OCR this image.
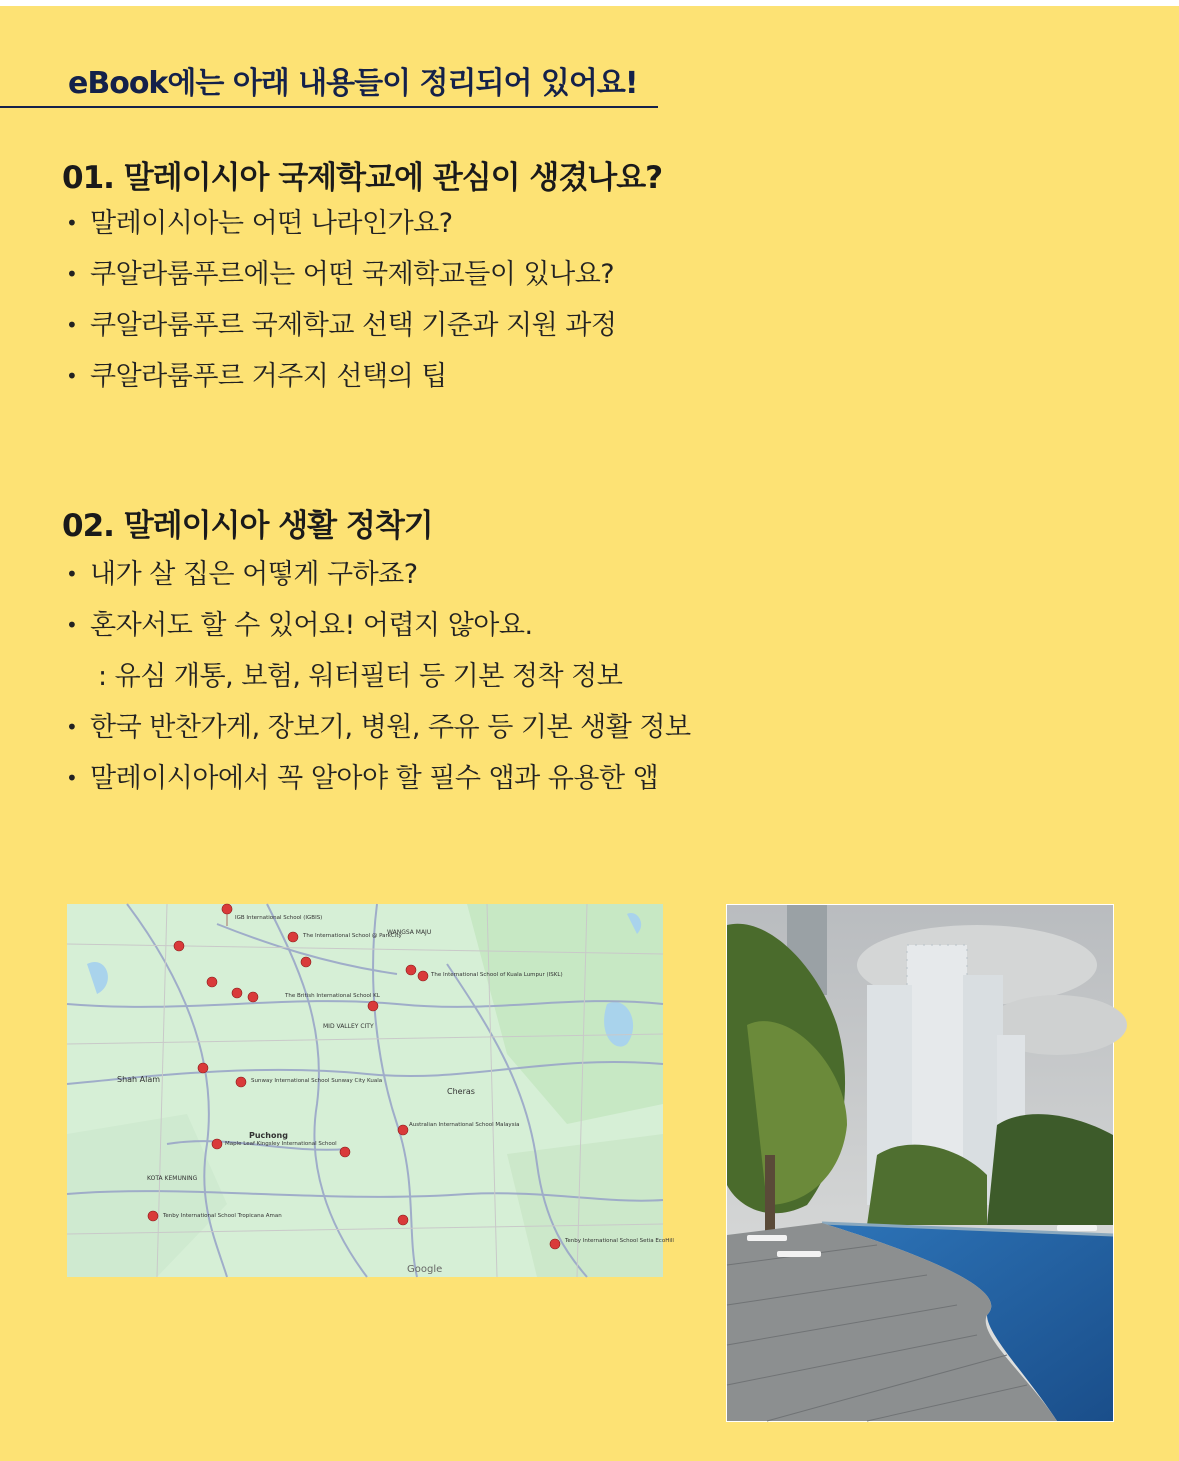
eBook에는 아래 내용들이 정리되어 있어요!
01. 말레이시아 국제학교에 관심이 생겼나요?
• 말레이시아는 어떤 나라인가요?
• 쿠알라룸푸르에는 어떤 국제학교들이 있나요?
• 쿠알라룸푸르 국제학교 선택 기준과 지원 과정
• 쿠알라룸푸르 거주지 선택의 팁
02. 말레이시아 생활 정착기
• 내가 살 집은 어떻게 구하죠?
• 혼자서도 할 수 있어요! 어렵지 않아요.
: 유심 개통, 보험, 워터필터 등 기본 정착 정보
• 한국 반찬가게, 장보기, 병원, 주유 등 기본 생활 정보
• 말레이시아에서 꼭 알아야 할 필수 앱과 유용한 앱
Shah Alam
Puchong
Cheras
KOTA KEMUNING
WANGSA MAJU
MID VALLEY CITY
Google
IGB International School (IGBIS)
The International School @ ParkCity
The International School of Kuala Lumpur (ISKL)
The British International School KL
Sunway International School Sunway City Kuala
Australian International School Malaysia
Maple Leaf Kingsley International School
Tenby International School Tropicana Aman
Tenby International School Setia EcoHill
